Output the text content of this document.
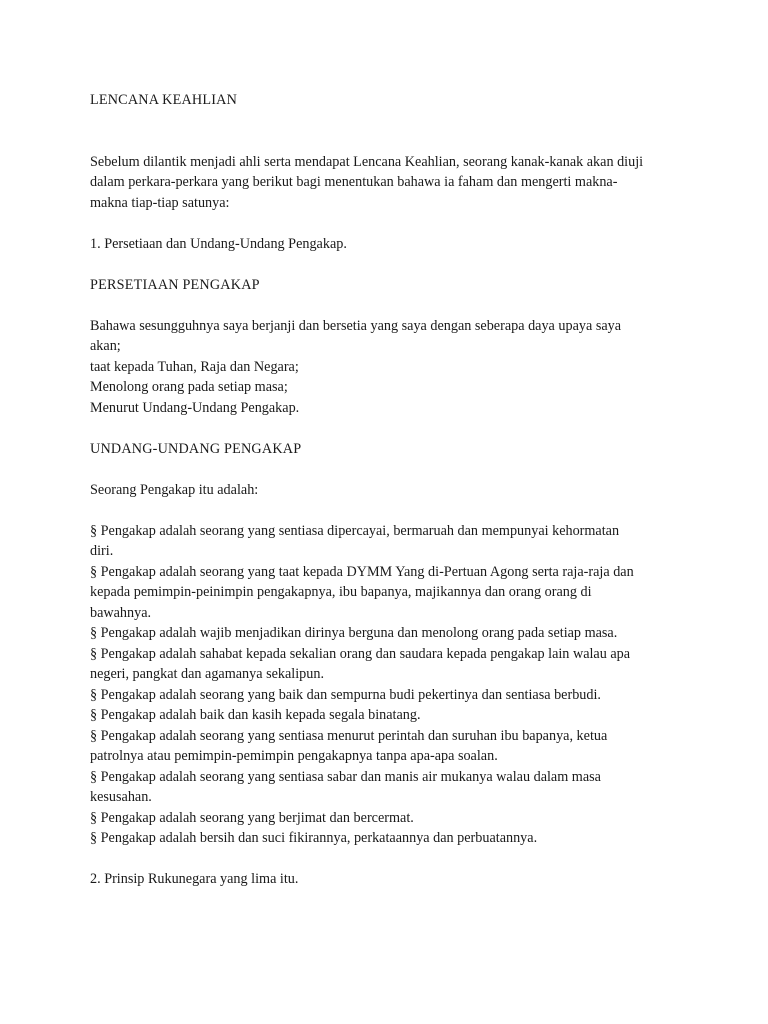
LENCANA KEAHLIAN

Sebelum dilantik menjadi ahli serta mendapat Lencana Keahlian, seorang kanak-kanak akan diuji

dalam perkara-perkara yang berikut bagi menentukan bahawa ia faham dan mengerti makna-

makna tiap-tiap satunya:

1. Persetiaan dan Undang-Undang Pengakap.

PERSETIAAN PENGAKAP

Bahawa sesungguhnya saya berjanji dan bersetia yang saya dengan seberapa daya upaya saya

akan;

taat kepada Tuhan, Raja dan Negara;

Menolong orang pada setiap masa;

Menurut Undang-Undang Pengakap.

UNDANG-UNDANG PENGAKAP

Seorang Pengakap itu adalah:

§ Pengakap adalah seorang yang sentiasa dipercayai, bermaruah dan mempunyai kehormatan

diri.

§ Pengakap adalah seorang yang taat kepada DYMM Yang di-Pertuan Agong serta raja-raja dan

kepada pemimpin-peinimpin pengakapnya, ibu bapanya, majikannya dan orang orang di

bawahnya.

§ Pengakap adalah wajib menjadikan dirinya berguna dan menolong orang pada setiap masa.

§ Pengakap adalah sahabat kepada sekalian orang dan saudara kepada pengakap lain walau apa

negeri, pangkat dan agamanya sekalipun.

§ Pengakap adalah seorang yang baik dan sempurna budi pekertinya dan sentiasa berbudi.

§ Pengakap adalah baik dan kasih kepada segala binatang.

§ Pengakap adalah seorang yang sentiasa menurut perintah dan suruhan ibu bapanya, ketua

patrolnya atau pemimpin-pemimpin pengakapnya tanpa apa-apa soalan.

§ Pengakap adalah seorang yang sentiasa sabar dan manis air mukanya walau dalam masa

kesusahan.

§ Pengakap adalah seorang yang berjimat dan bercermat.

§ Pengakap adalah bersih dan suci fikirannya, perkataannya dan perbuatannya.

2. Prinsip Rukunegara yang lima itu.
